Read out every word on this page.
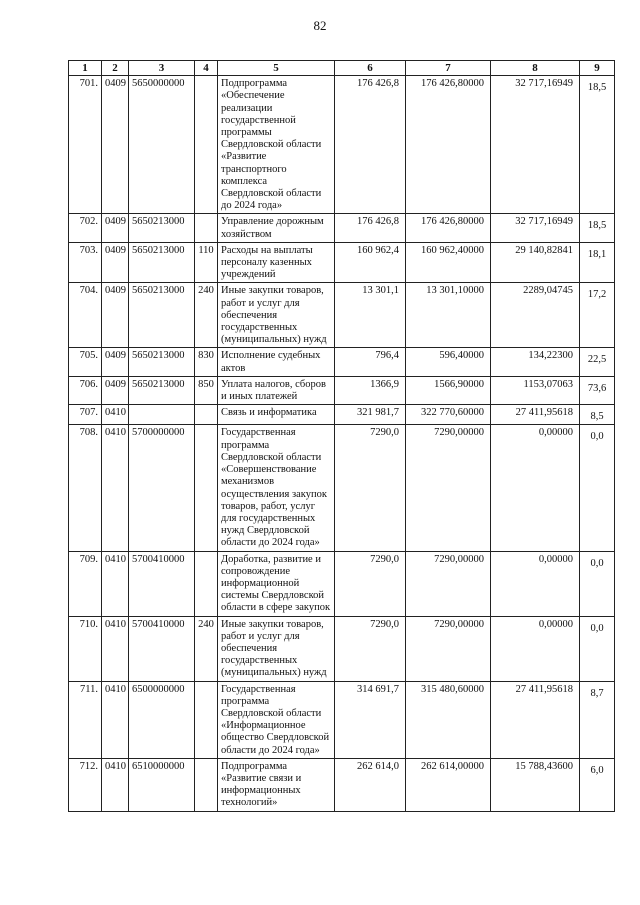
82
1	2	3	4	5	6	7	8	9
701.	0409	5650000000		Подпрограмма «Обеспечение реализации государственной программы Свердловской области «Развитие транспортного комплекса Свердловской области до 2024 года»	176 426,8	176 426,80000	32 717,16949	18,5
702.	0409	5650213000		Управление дорожным хозяйством	176 426,8	176 426,80000	32 717,16949	18,5
703.	0409	5650213000	110	Расходы на выплаты персоналу казенных учреждений	160 962,4	160 962,40000	29 140,82841	18,1
704.	0409	5650213000	240	Иные закупки товаров, работ и услуг для обеспечения государственных (муниципальных) нужд	13 301,1	13 301,10000	2289,04745	17,2
705.	0409	5650213000	830	Исполнение судебных актов	796,4	596,40000	134,22300	22,5
706.	0409	5650213000	850	Уплата налогов, сборов и иных платежей	1366,9	1566,90000	1153,07063	73,6
707.	0410			Связь и информатика	321 981,7	322 770,60000	27 411,95618	8,5
708.	0410	5700000000		Государственная программа Свердловской области «Совершенствование механизмов осуществления закупок товаров, работ, услуг для государственных нужд Свердловской области до 2024 года»	7290,0	7290,00000	0,00000	0,0
709.	0410	5700410000		Доработка, развитие и сопровождение информационной системы Свердловской области в сфере закупок	7290,0	7290,00000	0,00000	0,0
710.	0410	5700410000	240	Иные закупки товаров, работ и услуг для обеспечения государственных (муниципальных) нужд	7290,0	7290,00000	0,00000	0,0
711.	0410	6500000000		Государственная программа Свердловской области «Информационное общество Свердловской области до 2024 года»	314 691,7	315 480,60000	27 411,95618	8,7
712.	0410	6510000000		Подпрограмма «Развитие связи и информационных технологий»	262 614,0	262 614,00000	15 788,43600	6,0
